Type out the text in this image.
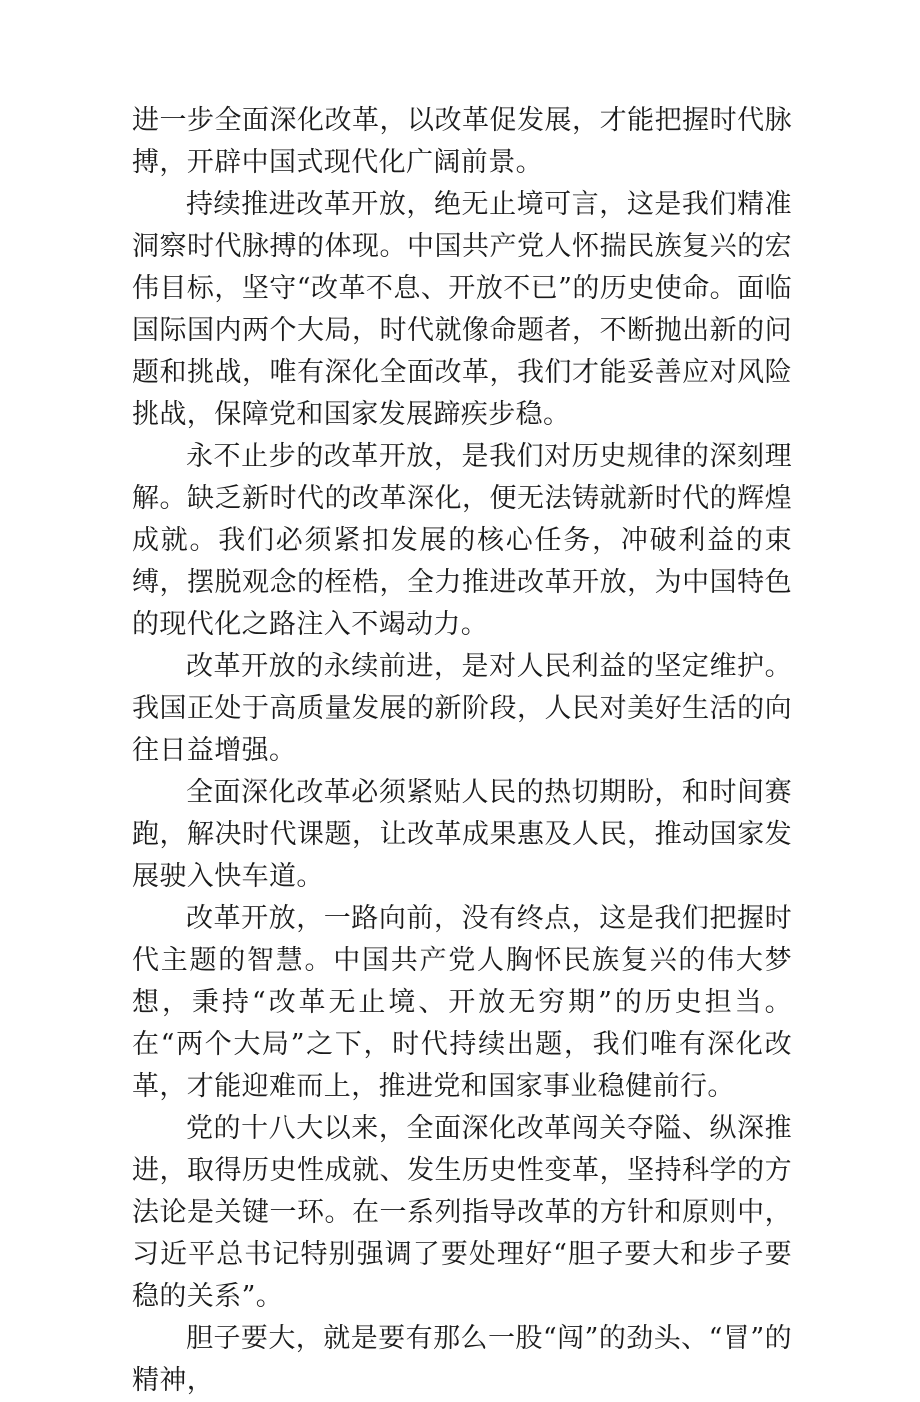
进一步全面深化改革，以改革促发展，才能把握时代脉搏，开辟中国式现代化广阔前景。

持续推进改革开放，绝无止境可言，这是我们精准洞察时代脉搏的体现。中国共产党人怀揣民族复兴的宏伟目标，坚守“改革不息、开放不已”的历史使命。面临国际国内两个大局，时代就像命题者，不断抛出新的问题和挑战，唯有深化全面改革，我们才能妥善应对风险挑战，保障党和国家发展蹄疾步稳。

永不止步的改革开放，是我们对历史规律的深刻理解。缺乏新时代的改革深化，便无法铸就新时代的辉煌成就。我们必须紧扣发展的核心任务，冲破利益的束缚，摆脱观念的桎梏，全力推进改革开放，为中国特色的现代化之路注入不竭动力。

改革开放的永续前进，是对人民利益的坚定维护。我国正处于高质量发展的新阶段，人民对美好生活的向往日益增强。

全面深化改革必须紧贴人民的热切期盼，和时间赛跑，解决时代课题，让改革成果惠及人民，推动国家发展驶入快车道。

改革开放，一路向前，没有终点，这是我们把握时代主题的智慧。中国共产党人胸怀民族复兴的伟大梦想，秉持“改革无止境、开放无穷期”的历史担当。在“两个大局”之下，时代持续出题，我们唯有深化改革，才能迎难而上，推进党和国家事业稳健前行。

党的十八大以来，全面深化改革闯关夺隘、纵深推进，取得历史性成就、发生历史性变革，坚持科学的方法论是关键一环。在一系列指导改革的方针和原则中，习近平总书记特别强调了要处理好“胆子要大和步子要稳的关系”。

胆子要大，就是要有那么一股“闯”的劲头、“冒”的精神，
